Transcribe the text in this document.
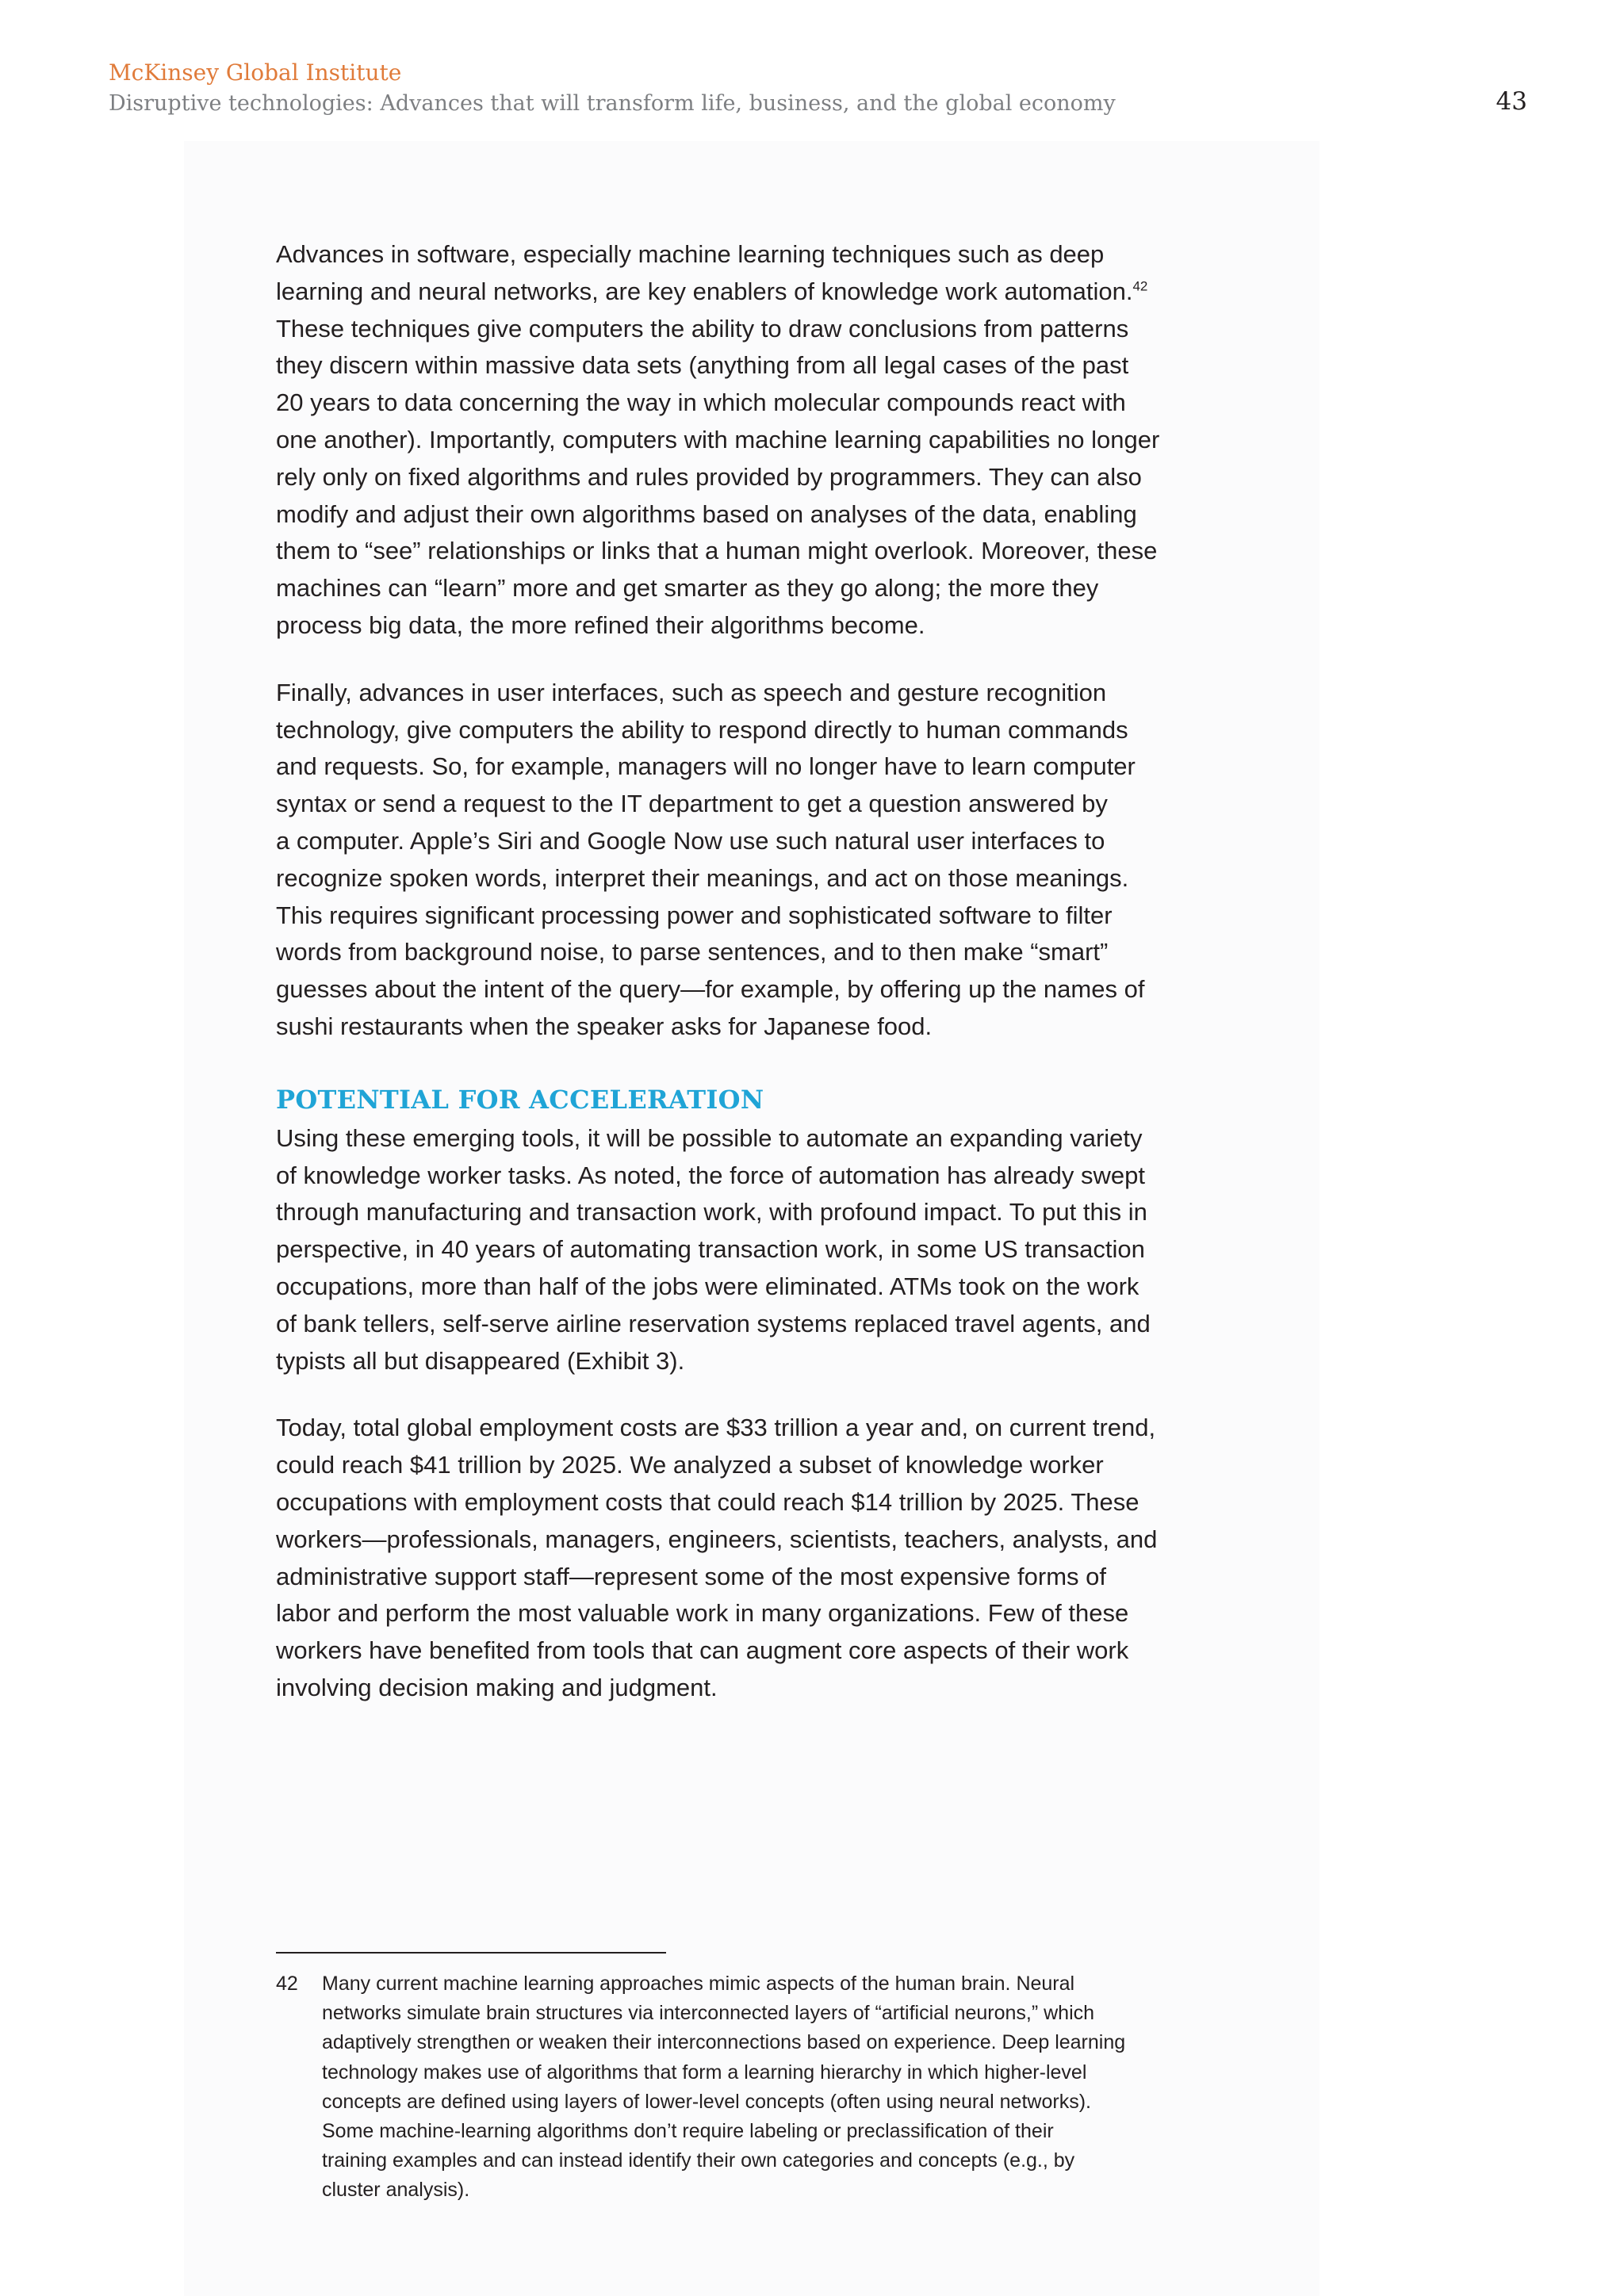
McKinsey Global Institute
Disruptive technologies: Advances that will transform life, business, and the global economy	43

Advances in software, especially machine learning techniques such as deep
learning and neural networks, are key enablers of knowledge work automation.$^{42}$
These techniques give computers the ability to draw conclusions from patterns
they discern within massive data sets (anything from all legal cases of the past
20 years to data concerning the way in which molecular compounds react with
one another). Importantly, computers with machine learning capabilities no longer
rely only on fixed algorithms and rules provided by programmers. They can also
modify and adjust their own algorithms based on analyses of the data, enabling
them to “see” relationships or links that a human might overlook. Moreover, these
machines can “learn” more and get smarter as they go along; the more they
process big data, the more refined their algorithms become.

Finally, advances in user interfaces, such as speech and gesture recognition
technology, give computers the ability to respond directly to human commands
and requests. So, for example, managers will no longer have to learn computer
syntax or send a request to the IT department to get a question answered by
a computer. Apple’s Siri and Google Now use such natural user interfaces to
recognize spoken words, interpret their meanings, and act on those meanings.
This requires significant processing power and sophisticated software to filter
words from background noise, to parse sentences, and to then make “smart”
guesses about the intent of the query—for example, by offering up the names of
sushi restaurants when the speaker asks for Japanese food.

POTENTIAL FOR ACCELERATION

Using these emerging tools, it will be possible to automate an expanding variety
of knowledge worker tasks. As noted, the force of automation has already swept
through manufacturing and transaction work, with profound impact. To put this in
perspective, in 40 years of automating transaction work, in some US transaction
occupations, more than half of the jobs were eliminated. ATMs took on the work
of bank tellers, self-serve airline reservation systems replaced travel agents, and
typists all but disappeared (Exhibit 3).

Today, total global employment costs are $33 trillion a year and, on current trend,
could reach $41 trillion by 2025. We analyzed a subset of knowledge worker
occupations with employment costs that could reach $14 trillion by 2025. These
workers—professionals, managers, engineers, scientists, teachers, analysts, and
administrative support staff—represent some of the most expensive forms of
labor and perform the most valuable work in many organizations. Few of these
workers have benefited from tools that can augment core aspects of their work
involving decision making and judgment.

42 Many current machine learning approaches mimic aspects of the human brain. Neural
networks simulate brain structures via interconnected layers of “artificial neurons,” which
adaptively strengthen or weaken their interconnections based on experience. Deep learning
technology makes use of algorithms that form a learning hierarchy in which higher-level
concepts are defined using layers of lower-level concepts (often using neural networks).
Some machine-learning algorithms don’t require labeling or preclassification of their
training examples and can instead identify their own categories and concepts (e.g., by
cluster analysis).
